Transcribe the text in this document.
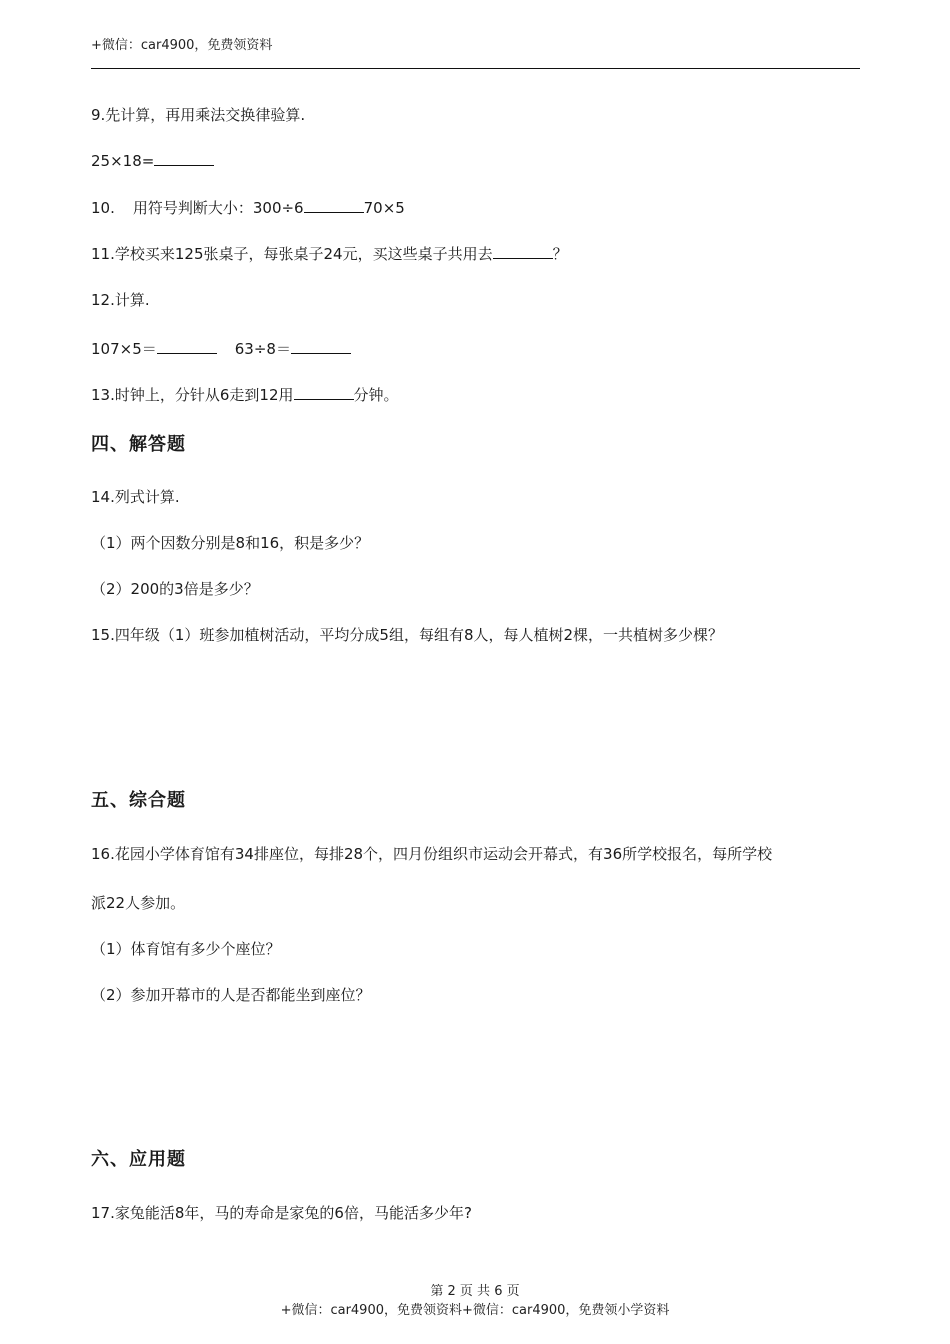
+微信：car4900，免费领资料
9.先计算，再用乘法交换律验算.
25×18=
10. 用符号判断大小：300÷6	70×5
11.学校买来125张桌子，每张桌子24元，买这些桌子共用去	？
12.计算.
107×5＝	63÷8＝
13.时钟上，分针从6走到12用	分钟。
四、解答题
14.列式计算.
（1）两个因数分别是8和16，积是多少？
（2）200的3倍是多少？
15.四年级（1）班参加植树活动，平均分成5组，每组有8人，每人植树2棵，一共植树多少棵？
五、综合题
16.花园小学体育馆有34排座位，每排28个，四月份组织市运动会开幕式，有36所学校报名，每所学校
派22人参加。
（1）体育馆有多少个座位？
（2）参加开幕市的人是否都能坐到座位？
六、应用题
17.家兔能活8年，马的寿命是家兔的6倍，马能活多少年?
第 2 页 共 6 页
+微信：car4900，免费领资料+微信：car4900，免费领小学资料
